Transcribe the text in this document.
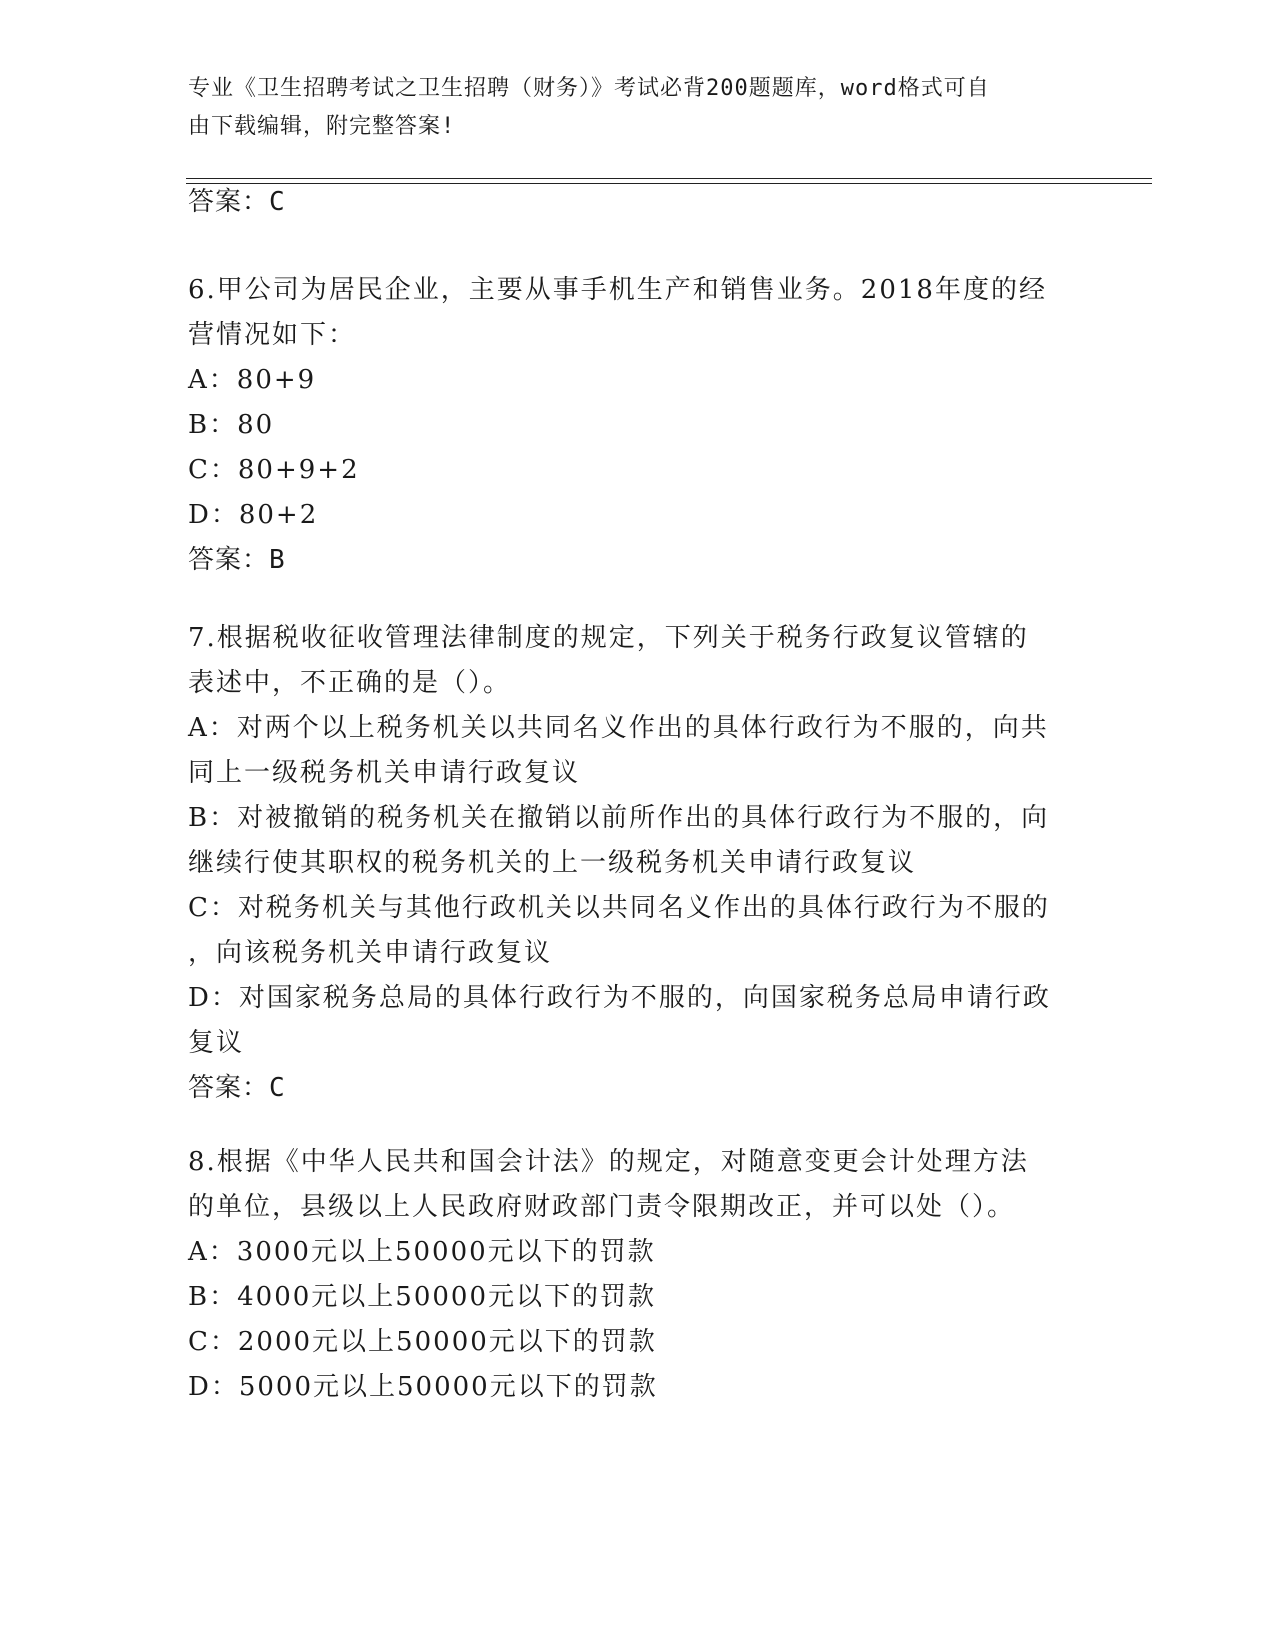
专业《卫生招聘考试之卫生招聘（财务）》考试必背200题题库，word格式可自
由下载编辑，附完整答案!
答案：C
6.甲公司为居民企业，主要从事手机生产和销售业务。2018年度的经
营情况如下：
A：80+9
B：80
C：80+9+2
D：80+2
答案：B
7.根据税收征收管理法律制度的规定，下列关于税务行政复议管辖的
表述中，不正确的是（）。
A：对两个以上税务机关以共同名义作出的具体行政行为不服的，向共
同上一级税务机关申请行政复议
B：对被撤销的税务机关在撤销以前所作出的具体行政行为不服的，向
继续行使其职权的税务机关的上一级税务机关申请行政复议
C：对税务机关与其他行政机关以共同名义作出的具体行政行为不服的
，向该税务机关申请行政复议
D：对国家税务总局的具体行政行为不服的，向国家税务总局申请行政
复议
答案：C
8.根据《中华人民共和国会计法》的规定，对随意变更会计处理方法
的单位，县级以上人民政府财政部门责令限期改正，并可以处（）。
A：3000元以上50000元以下的罚款
B：4000元以上50000元以下的罚款
C：2000元以上50000元以下的罚款
D：5000元以上50000元以下的罚款
